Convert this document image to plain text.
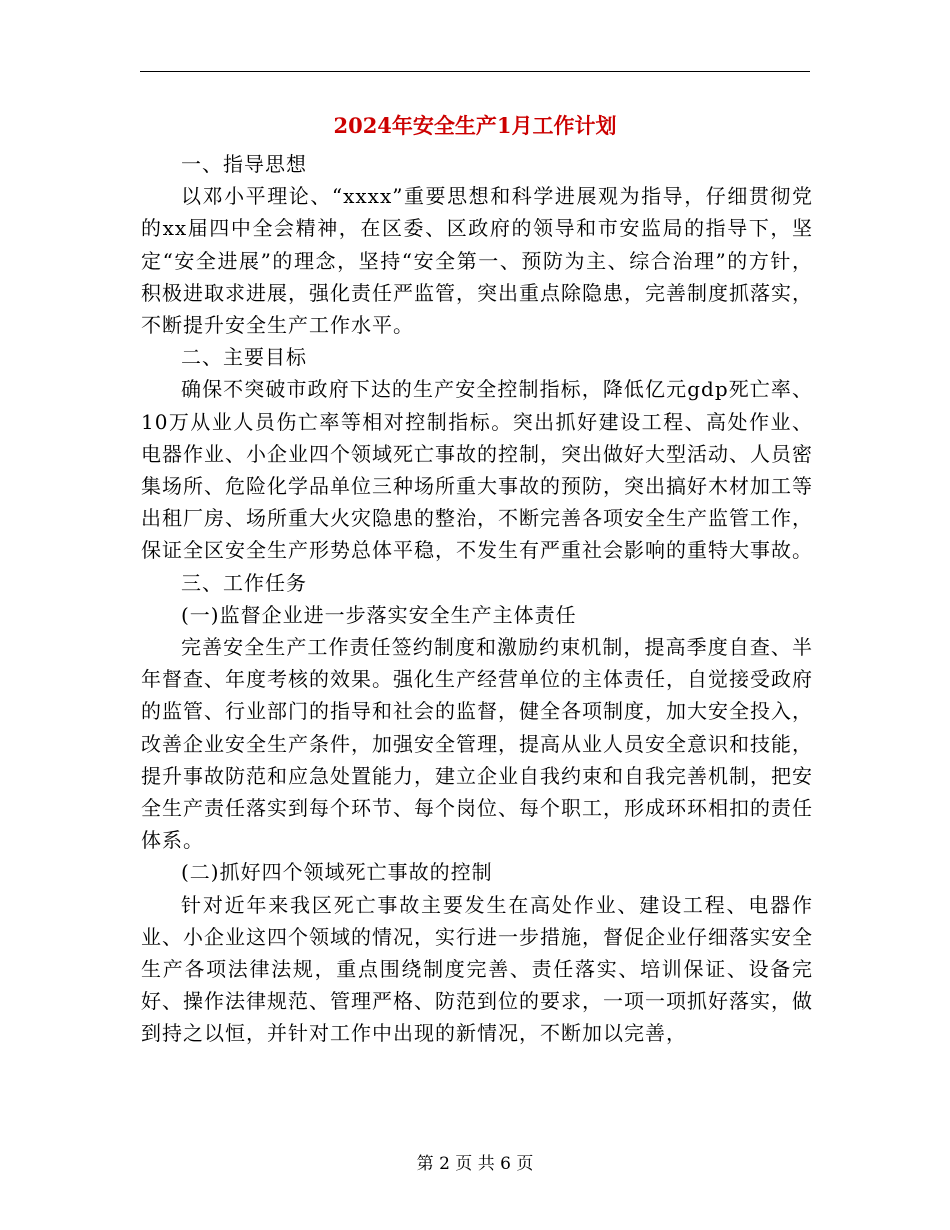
2024年安全生产1月工作计划

一、指导思想

以邓小平理论、“xxxx”重要思想和科学进展观为指导，仔细贯彻党的xx届四中全会精神，在区委、区政府的领导和市安监局的指导下，坚定“安全进展”的理念，坚持“安全第一、预防为主、综合治理”的方针，积极进取求进展，强化责任严监管，突出重点除隐患，完善制度抓落实，不断提升安全生产工作水平。

二、主要目标

确保不突破市政府下达的生产安全控制指标，降低亿元gdp死亡率、10万从业人员伤亡率等相对控制指标。突出抓好建设工程、高处作业、电器作业、小企业四个领域死亡事故的控制，突出做好大型活动、人员密集场所、危险化学品单位三种场所重大事故的预防，突出搞好木材加工等出租厂房、场所重大火灾隐患的整治，不断完善各项安全生产监管工作，保证全区安全生产形势总体平稳，不发生有严重社会影响的重特大事故。

三、工作任务

(一)监督企业进一步落实安全生产主体责任

完善安全生产工作责任签约制度和激励约束机制，提高季度自查、半年督查、年度考核的效果。强化生产经营单位的主体责任，自觉接受政府的监管、行业部门的指导和社会的监督，健全各项制度，加大安全投入，改善企业安全生产条件，加强安全管理，提高从业人员安全意识和技能，提升事故防范和应急处置能力，建立企业自我约束和自我完善机制，把安全生产责任落实到每个环节、每个岗位、每个职工，形成环环相扣的责任体系。

(二)抓好四个领域死亡事故的控制

针对近年来我区死亡事故主要发生在高处作业、建设工程、电器作业、小企业这四个领域的情况，实行进一步措施，督促企业仔细落实安全生产各项法律法规，重点围绕制度完善、责任落实、培训保证、设备完好、操作法律规范、管理严格、防范到位的要求，一项一项抓好落实，做到持之以恒，并针对工作中出现的新情况，不断加以完善，

第 2 页 共 6 页
